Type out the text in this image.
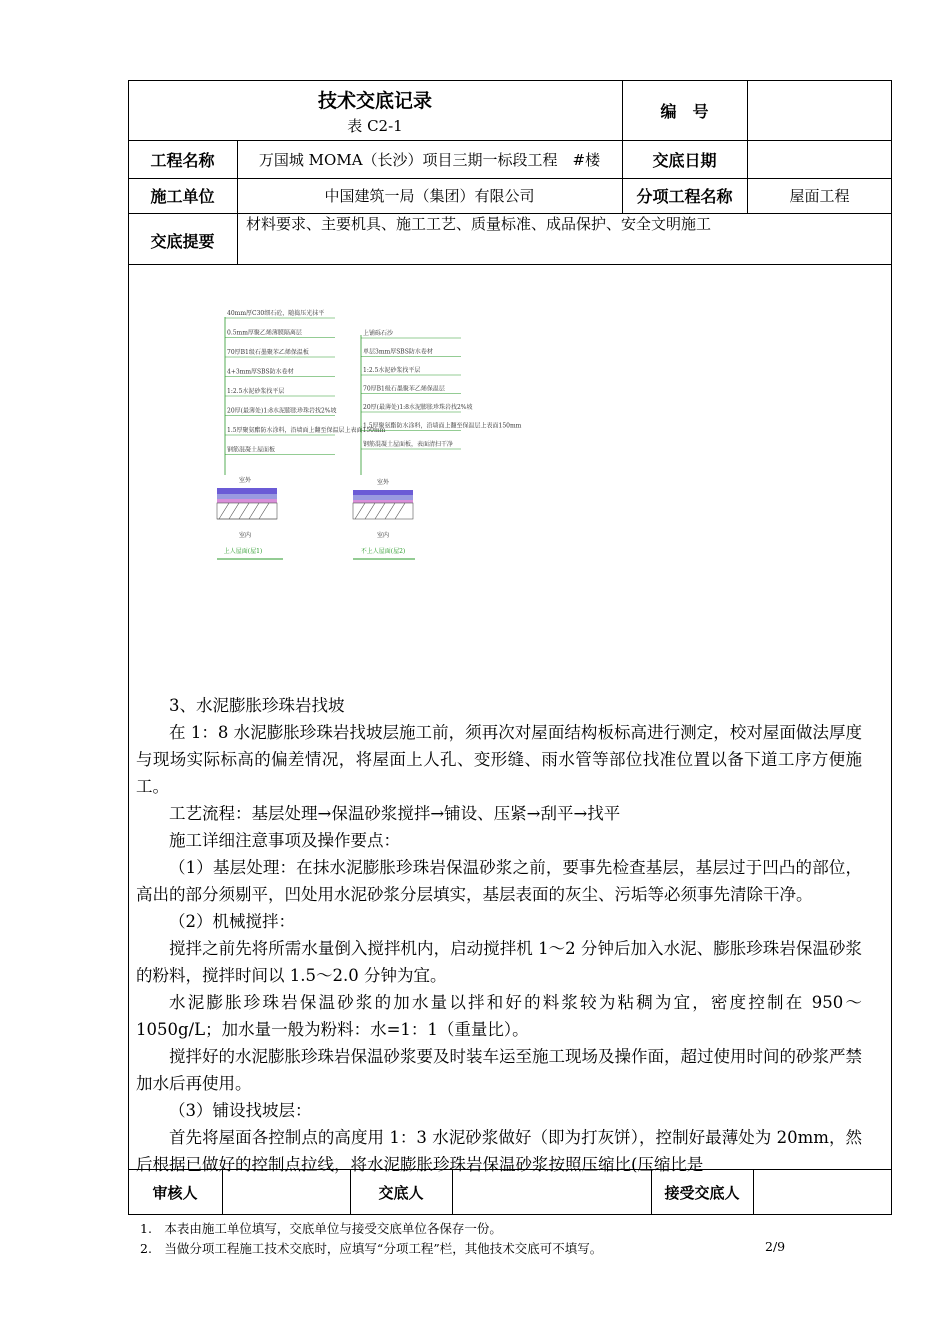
技术交底记录
表 C2-1
编　号
工程名称	万国城 MOMA（长沙）项目三期一标段工程　#楼	交底日期
施工单位	中国建筑一局（集团）有限公司	分项工程名称	屋面工程
交底提要
材料要求、主要机具、施工工艺、质量标准、成品保护、安全文明施工
40mm厚C30细石砼，随捣压光抹平
0.5mm厚聚乙烯薄膜隔离层
70厚B1级石墨聚苯乙烯保温板
4+3mm厚SBS防水卷材
1:2.5水泥砂浆找平层
20厚(最薄处)1:8水泥膨胀珍珠岩找2%坡
1.5厚聚氨酯防水涂料，沿墙面上翻至保温层上表面150mm
钢筋混凝土屋面板
上铺砾石沙
单层3mm厚SBS防水卷材
1:2.5水泥砂浆找平层
70厚B1级石墨聚苯乙烯保温层
20厚(最薄处)1:8水泥膨胀珍珠岩找2%坡
1.5厚聚氨酯防水涂料，沿墙面上翻至保温层上表面150mm
钢筋混凝土屋面板，表面清扫干净
室外
室内
室外
室内
上人屋面(屋1)	不上人屋面(屋2)

3、水泥膨胀珍珠岩找坡

在 1：8 水泥膨胀珍珠岩找坡层施工前，须再次对屋面结构板标高进行测定，校对屋面做法厚度与现场实际标高的偏差情况，将屋面上人孔、变形缝、雨水管等部位找准位置以备下道工序方便施工。

工艺流程：基层处理→保温砂浆搅拌→铺设、压紧→刮平→找平

施工详细注意事项及操作要点：

（1）基层处理：在抹水泥膨胀珍珠岩保温砂浆之前，要事先检查基层，基层过于凹凸的部位，高出的部分须剔平，凹处用水泥砂浆分层填实，基层表面的灰尘、污垢等必须事先清除干净。

（2）机械搅拌：

搅拌之前先将所需水量倒入搅拌机内，启动搅拌机 1～2 分钟后加入水泥、膨胀珍珠岩保温砂浆的粉料，搅拌时间以 1.5～2.0 分钟为宜。

水泥膨胀珍珠岩保温砂浆的加水量以拌和好的料浆较为粘稠为宜，密度控制在 950～1050g/L；加水量一般为粉料：水=1：1（重量比）。

搅拌好的水泥膨胀珍珠岩保温砂浆要及时装车运至施工现场及操作面，超过使用时间的砂浆严禁加水后再使用。

（3）铺设找坡层：

首先将屋面各控制点的高度用 1：3 水泥砂浆做好（即为打灰饼），控制好最薄处为 20mm，然后根据已做好的控制点拉线，将水泥膨胀珍珠岩保温砂浆按照压缩比(压缩比是

审核人	交底人	接受交底人
1.　本表由施工单位填写，交底单位与接受交底单位各保存一份。
2.　当做分项工程施工技术交底时，应填写“分项工程”栏，其他技术交底可不填写。	2/9
